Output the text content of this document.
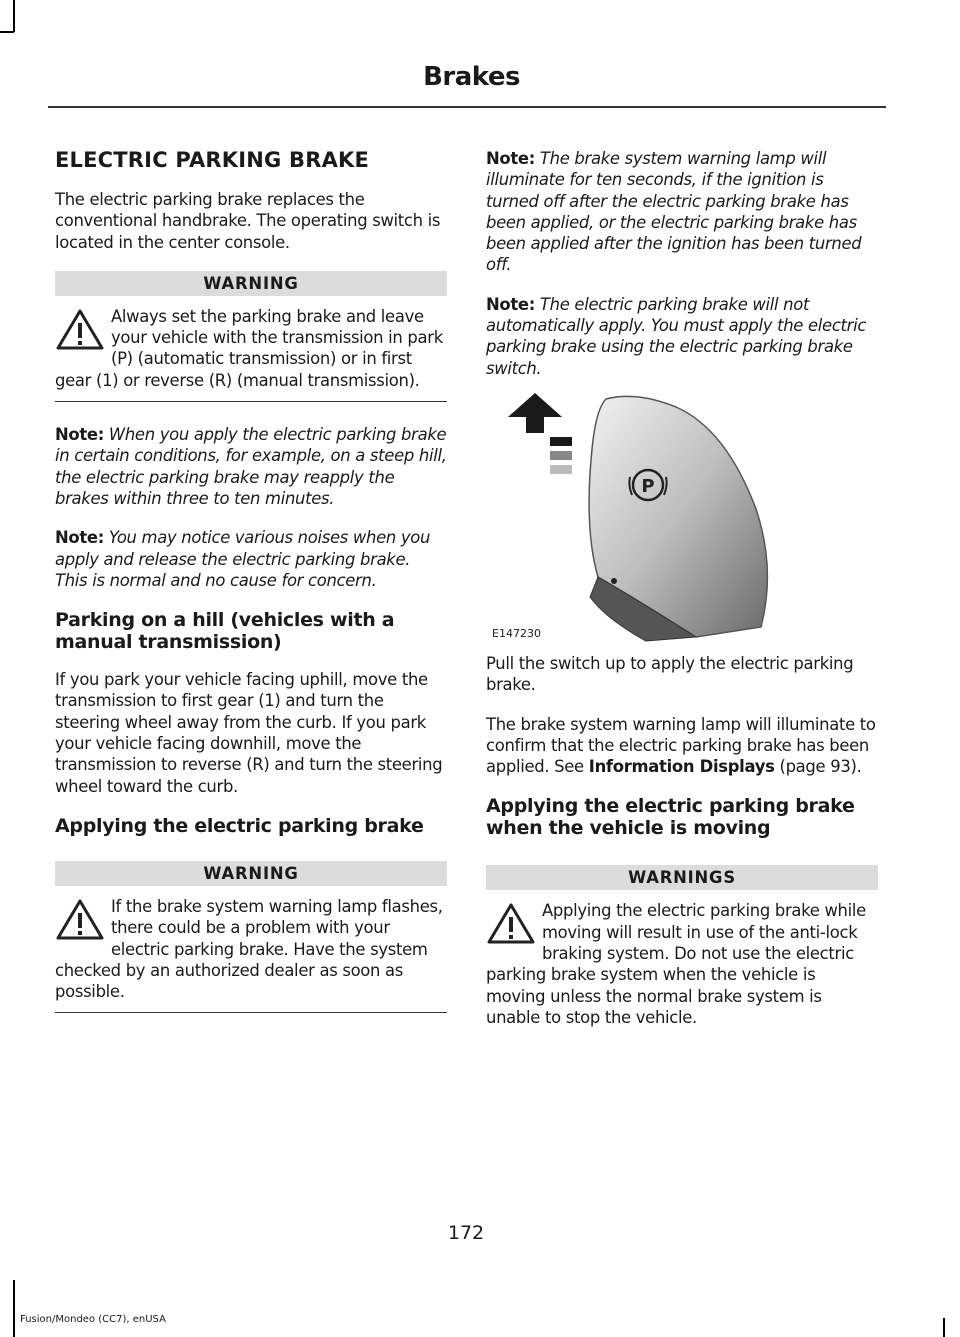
Brakes
ELECTRIC PARKING BRAKE

The electric parking brake replaces the conventional handbrake. The operating switch is located in the center console.

WARNING

Always set the parking brake and leave your vehicle with the transmission in park (P) (automatic transmission) or in first gear (1) or reverse (R) (manual transmission).

Note: When you apply the electric parking brake in certain conditions, for example, on a steep hill, the electric parking brake may reapply the brakes within three to ten minutes.

Note: You may notice various noises when you apply and release the electric parking brake. This is normal and no cause for concern.

Parking on a hill (vehicles with a manual transmission)

If you park your vehicle facing uphill, move the transmission to first gear (1) and turn the steering wheel away from the curb. If you park your vehicle facing downhill, move the transmission to reverse (R) and turn the steering wheel toward the curb.

Applying the electric parking brake
WARNING

If the brake system warning lamp flashes, there could be a problem with your electric parking brake. Have the system checked by an authorized dealer as soon as possible.

Note: The brake system warning lamp will illuminate for ten seconds, if the ignition is turned off after the electric parking brake has been applied, or the electric parking brake has been applied after the ignition has been turned off.

Note: The electric parking brake will not automatically apply. You must apply the electric parking brake using the electric parking brake switch.

P
E147230

Pull the switch up to apply the electric parking brake.

The brake system warning lamp will illuminate to confirm that the electric parking brake has been applied. See Information Displays (page 93).

Applying the electric parking brake when the vehicle is moving
WARNINGS

Applying the electric parking brake while moving will result in use of the anti-lock braking system. Do not use the electric parking brake system when the vehicle is moving unless the normal brake system is unable to stop the vehicle.

172
Fusion/Mondeo (CC7), enUSA
